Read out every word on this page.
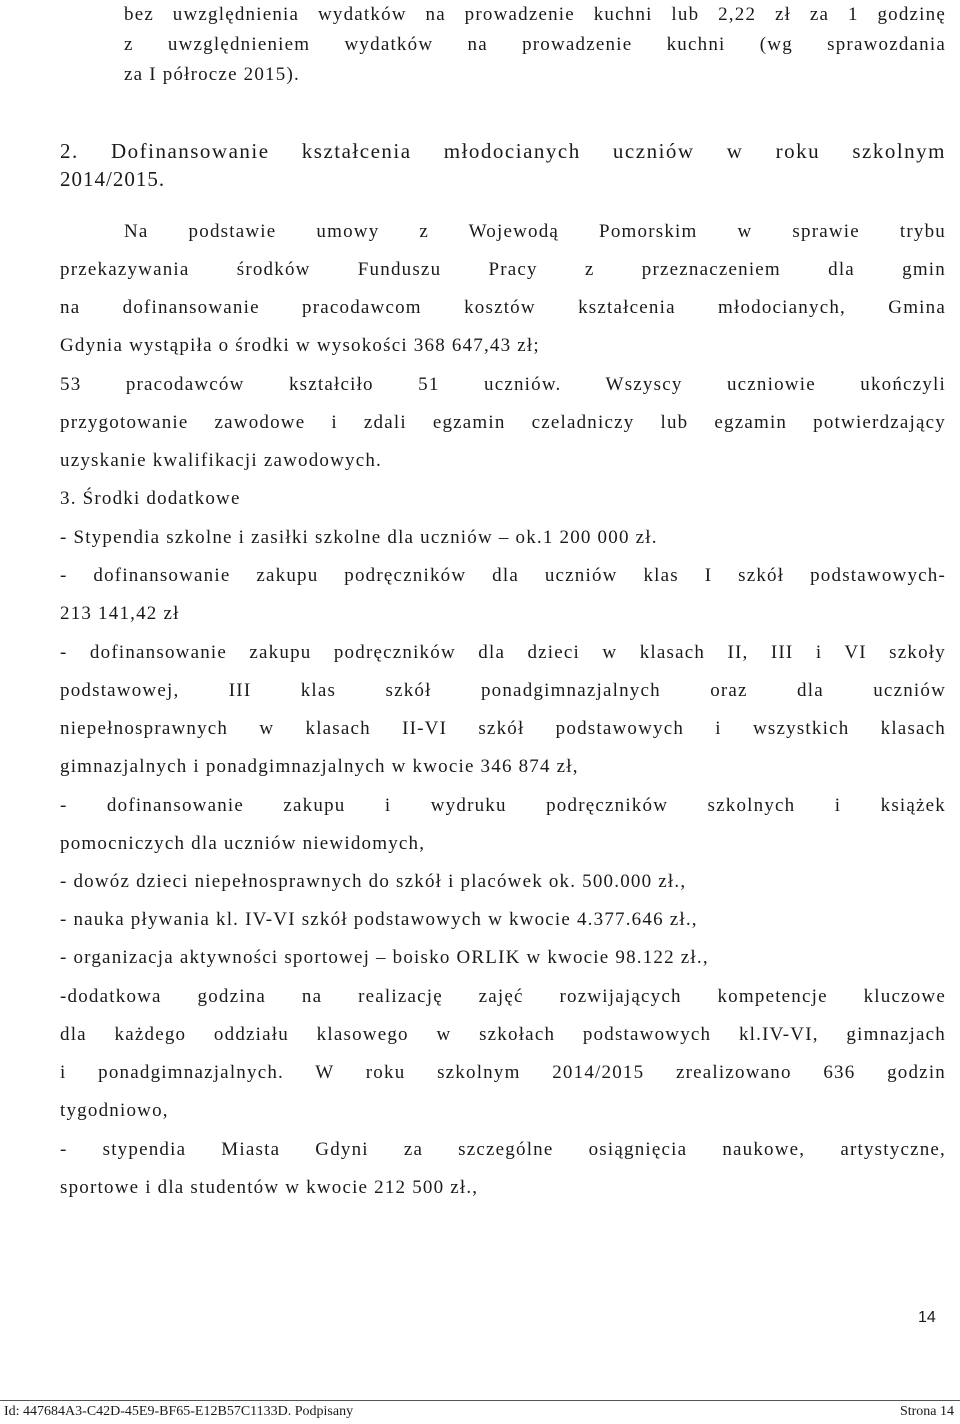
bez uwzględnienia wydatków na prowadzenie kuchni lub 2,22 zł za 1 godzinę
z uwzględnieniem wydatków na prowadzenie kuchni (wg sprawozdania
za I półrocze 2015).
2. Dofinansowanie kształcenia młodocianych uczniów w roku szkolnym
2014/2015.
Na podstawie umowy z Wojewodą Pomorskim w sprawie trybu
przekazywania środków Funduszu Pracy z przeznaczeniem dla gmin
na dofinansowanie pracodawcom kosztów kształcenia młodocianych, Gmina
Gdynia wystąpiła o środki w wysokości 368 647,43 zł;
53 pracodawców kształciło 51 uczniów. Wszyscy uczniowie ukończyli
przygotowanie zawodowe i zdali egzamin czeladniczy lub egzamin potwierdzający
uzyskanie kwalifikacji zawodowych.
3. Środki dodatkowe
- Stypendia szkolne i zasiłki szkolne dla uczniów – ok.1 200 000 zł.
- dofinansowanie zakupu podręczników dla uczniów klas I szkół podstawowych-
213 141,42 zł
- dofinansowanie zakupu podręczników dla dzieci w klasach II, III i VI szkoły
podstawowej, III klas szkół ponadgimnazjalnych oraz dla uczniów
niepełnosprawnych w klasach II-VI szkół podstawowych i wszystkich klasach
gimnazjalnych i ponadgimnazjalnych w kwocie 346 874 zł,
- dofinansowanie zakupu i wydruku podręczników szkolnych i książek
pomocniczych dla uczniów niewidomych,
- dowóz dzieci niepełnosprawnych do szkół i placówek ok. 500.000 zł.,
- nauka pływania kl. IV-VI szkół podstawowych w kwocie 4.377.646 zł.,
- organizacja aktywności sportowej – boisko ORLIK w kwocie 98.122 zł.,
-dodatkowa godzina na realizację zajęć rozwijających kompetencje kluczowe
dla każdego oddziału klasowego w szkołach podstawowych kl.IV-VI, gimnazjach
i ponadgimnazjalnych. W roku szkolnym 2014/2015 zrealizowano 636 godzin
tygodniowo,
- stypendia Miasta Gdyni za szczególne osiągnięcia naukowe, artystyczne,
sportowe i dla studentów w kwocie 212 500 zł.,
14
Id: 447684A3-C42D-45E9-BF65-E12B57C1133D. Podpisany	Strona 14
